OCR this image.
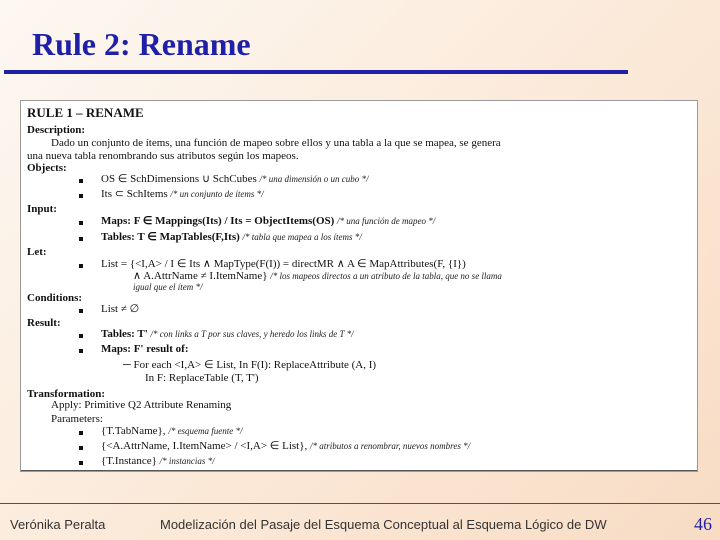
Rule 2: Rename
RULE 1 – RENAME
Description:
Dado un conjunto de ítems, una función de mapeo sobre ellos y una tabla a la que se mapea, se genera
una nueva tabla renombrando sus atributos según los mapeos.
Objects:
OS ∈ SchDimensions ∪ SchCubes /* una dimensión o un cubo */
Its ⊂ SchItems /* un conjunto de ítems */
Input:
Maps: F ∈ Mappings(Its) / Its = ObjectItems(OS) /* una función de mapeo */
Tables: T ∈ MapTables(F,Its) /* tabla que mapea a los ítems */
Let:
List = {<I,A> / I ∈ Its ∧ MapType(F(I)) = directMR ∧ A ∈ MapAttributes(F, {I})
∧ A.AttrName ≠ I.ItemName} /* los mapeos directos a un atributo de la tabla, que no se llama
igual que el ítem */
Conditions:
List ≠ ∅
Result:
Tables: T' /* con links a T por sus claves, y heredo los links de T */
Maps: F' result of:
─ For each <I,A> ∈ List, In F(I): ReplaceAttribute (A, I)
In F: ReplaceTable (T, T')
Transformation:
Apply: Primitive Q2 Attribute Renaming
Parameters:
{T.TabName}, /* esquema fuente */
{<A.AttrName, I.ItemName> / <I,A> ∈ List}, /* atributos a renombrar, nuevos nombres */
{T.Instance} /* instancias */
Verónika Peralta	Modelización del Pasaje del Esquema Conceptual al Esquema Lógico de DW	46
